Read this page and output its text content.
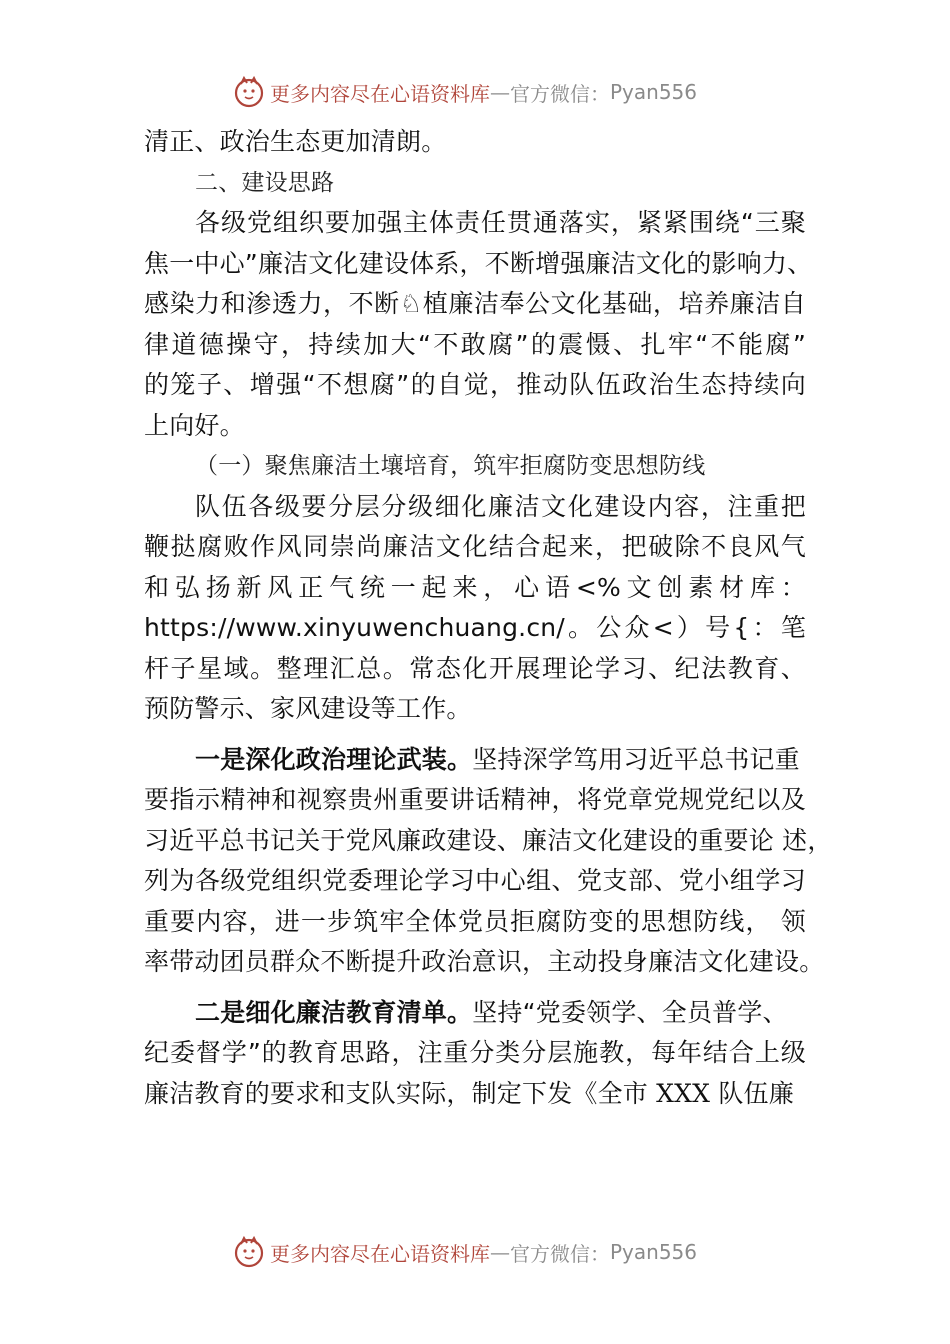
更多内容尽在心语资料库 — 官方微信： Pyan556
清正、政治生态更加清朗。
二、建设思路
各级党组织要加强主体责任贯通落实，紧紧围绕“三聚
焦一中心”廉洁文化建设体系，不断增强廉洁文化的影响力、
感染力和渗透力，不断♘植廉洁奉公文化基础，培养廉洁自
律道德操守，持续加大“不敢腐”的震慑、扎牢“不能腐”
的笼子、增强“不想腐”的自觉，推动队伍政治生态持续向
上向好。
（一）聚焦廉洁土壤培育，筑牢拒腐防变思想防线
队伍各级要分层分级细化廉洁文化建设内容，注重把
鞭挞腐败作风同崇尚廉洁文化结合起来，把破除不良风气
和弘扬新风正气统一起来，心语<%文创素材库：
https://www.xinyuwenchuang.cn/。公众<）号{：笔
杆子星域。整理汇总。常态化开展理论学习、纪法教育、
预防警示、家风建设等工作。
一是深化政治理论武装。坚持深学笃用习近平总书记重
要指示精神和视察贵州重要讲话精神，将党章党规党纪以及
习近平总书记关于党风廉政建设、廉洁文化建设的重要论 述，
列为各级党组织党委理论学习中心组、党支部、党小组学习
重要内容，进一步筑牢全体党员拒腐防变的思想防线， 领
率带动团员群众不断提升政治意识，主动投身廉洁文化建设。
二是细化廉洁教育清单。坚持“党委领学、全员普学、
纪委督学”的教育思路，注重分类分层施教，每年结合上级
廉洁教育的要求和支队实际，制定下发《全市 XXX 队伍廉
更多内容尽在心语资料库 — 官方微信： Pyan556
